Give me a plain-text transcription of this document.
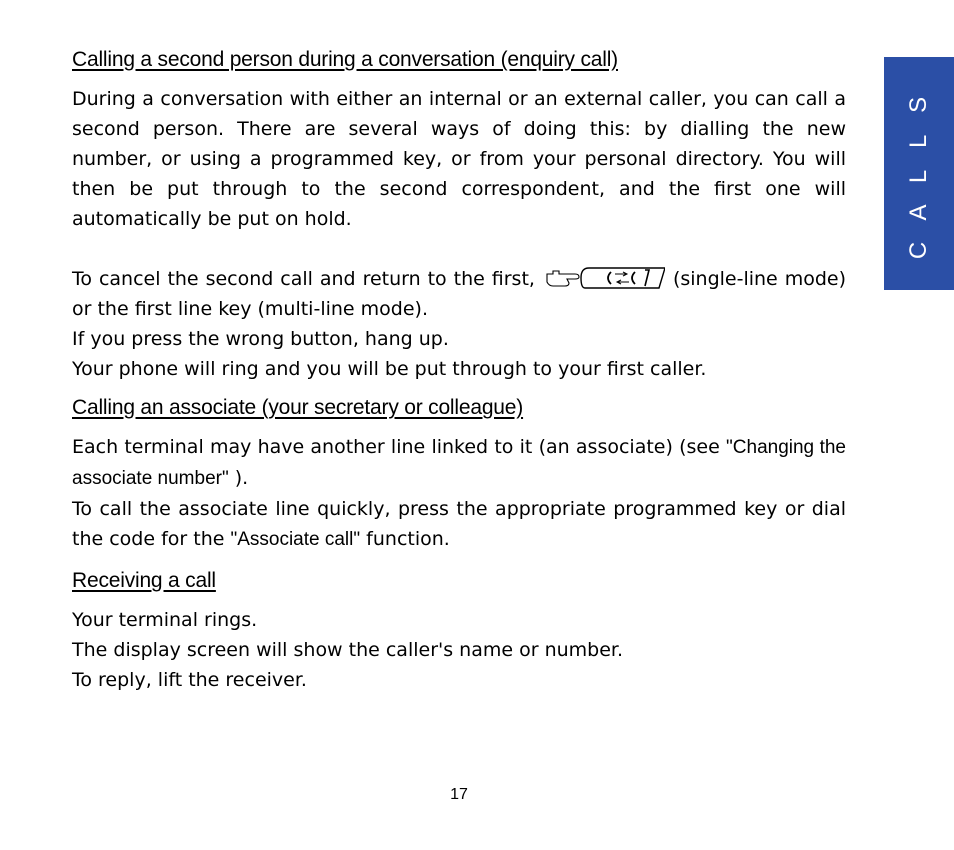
C A L L S
Calling a second person during a conversation (enquiry call)

During a conversation with either an internal or an external caller, you can call a second person. There are several ways of doing this: by dialling the new number, or using a programmed key, or from your personal directory. You will then be put through to the second correspondent, and the first one will automatically be put on hold.

To cancel the second call and return to the first,	(single-line mode) or the first line key (multi-line mode).

If you press the wrong button, hang up.

Your phone will ring and you will be put through to your first caller.

Calling an associate (your secretary or colleague)

Each terminal may have another line linked to it (an associate) (see "Changing the associate number" ).

To call the associate line quickly, press the appropriate programmed key or dial the code for the "Associate call" function.

Receiving a call

Your terminal rings.

The display screen will show the caller's name or number.

To reply, lift the receiver.

17
